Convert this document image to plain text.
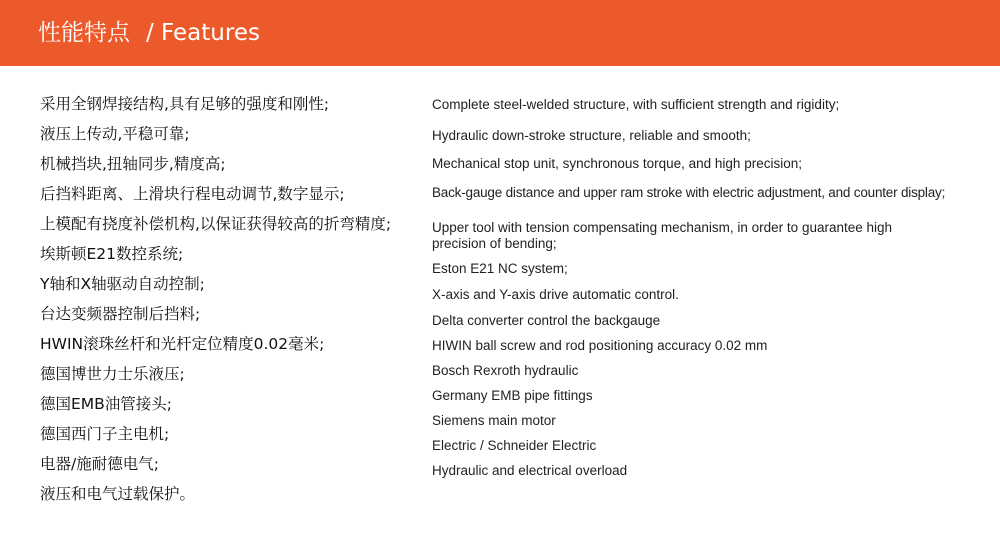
性能特点 / Features
采用全钢焊接结构,具有足够的强度和刚性;
液压上传动,平稳可靠;
机械挡块,扭轴同步,精度高;
后挡料距离、上滑块行程电动调节,数字显示;
上模配有挠度补偿机构,以保证获得较高的折弯精度;
埃斯顿E21数控系统;
Y轴和X轴驱动自动控制;
台达变频器控制后挡料;
HWIN滚珠丝杆和光杆定位精度0.02毫米;
德国博世力士乐液压;
德国EMB油管接头;
德国西门子主电机;
电器/施耐德电气;
液压和电气过载保护。
Complete steel-welded structure, with sufficient strength and rigidity;
Hydraulic down-stroke structure, reliable and smooth;
Mechanical stop unit, synchronous torque, and high precision;
Back-gauge distance and upper ram stroke with electric adjustment, and counter display;
Upper tool with tension compensating mechanism, in order to guarantee high precision of bending;
Eston E21 NC system;
X-axis and Y-axis drive automatic control.
Delta converter control the backgauge
HIWIN ball screw and rod positioning accuracy 0.02 mm
Bosch Rexroth hydraulic
Germany EMB pipe fittings
Siemens main motor
Electric / Schneider Electric
Hydraulic and electrical overload
